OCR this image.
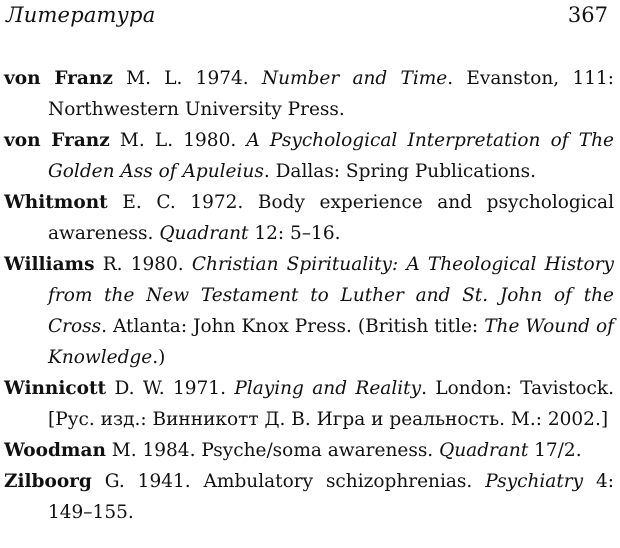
Литература	367

von Franz M. L. 1974. Number and Time. Evanston, 111: Northwestern University Press.

von Franz M. L. 1980. A Psychological Interpretation of The Golden Ass of Apuleius. Dallas: Spring Publications.

Whitmont E. C. 1972. Body experience and psychological awareness. Quadrant 12: 5–16.

Williams R. 1980. Christian Spirituality: A Theological History from the New Testament to Luther and St. John of the Cross. Atlanta: John Knox Press. (British title: The Wound of Knowledge.)

Winnicott D. W. 1971. Playing and Reality. London: Tavistock. [Рус. изд.: Винникотт Д. В. Игра и реальность. М.: 2002.]

Woodman M. 1984. Psyche/soma awareness. Quadrant 17/2.

Zilboorg G. 1941. Ambulatory schizophrenias. Psychiatry 4: 149–155.
